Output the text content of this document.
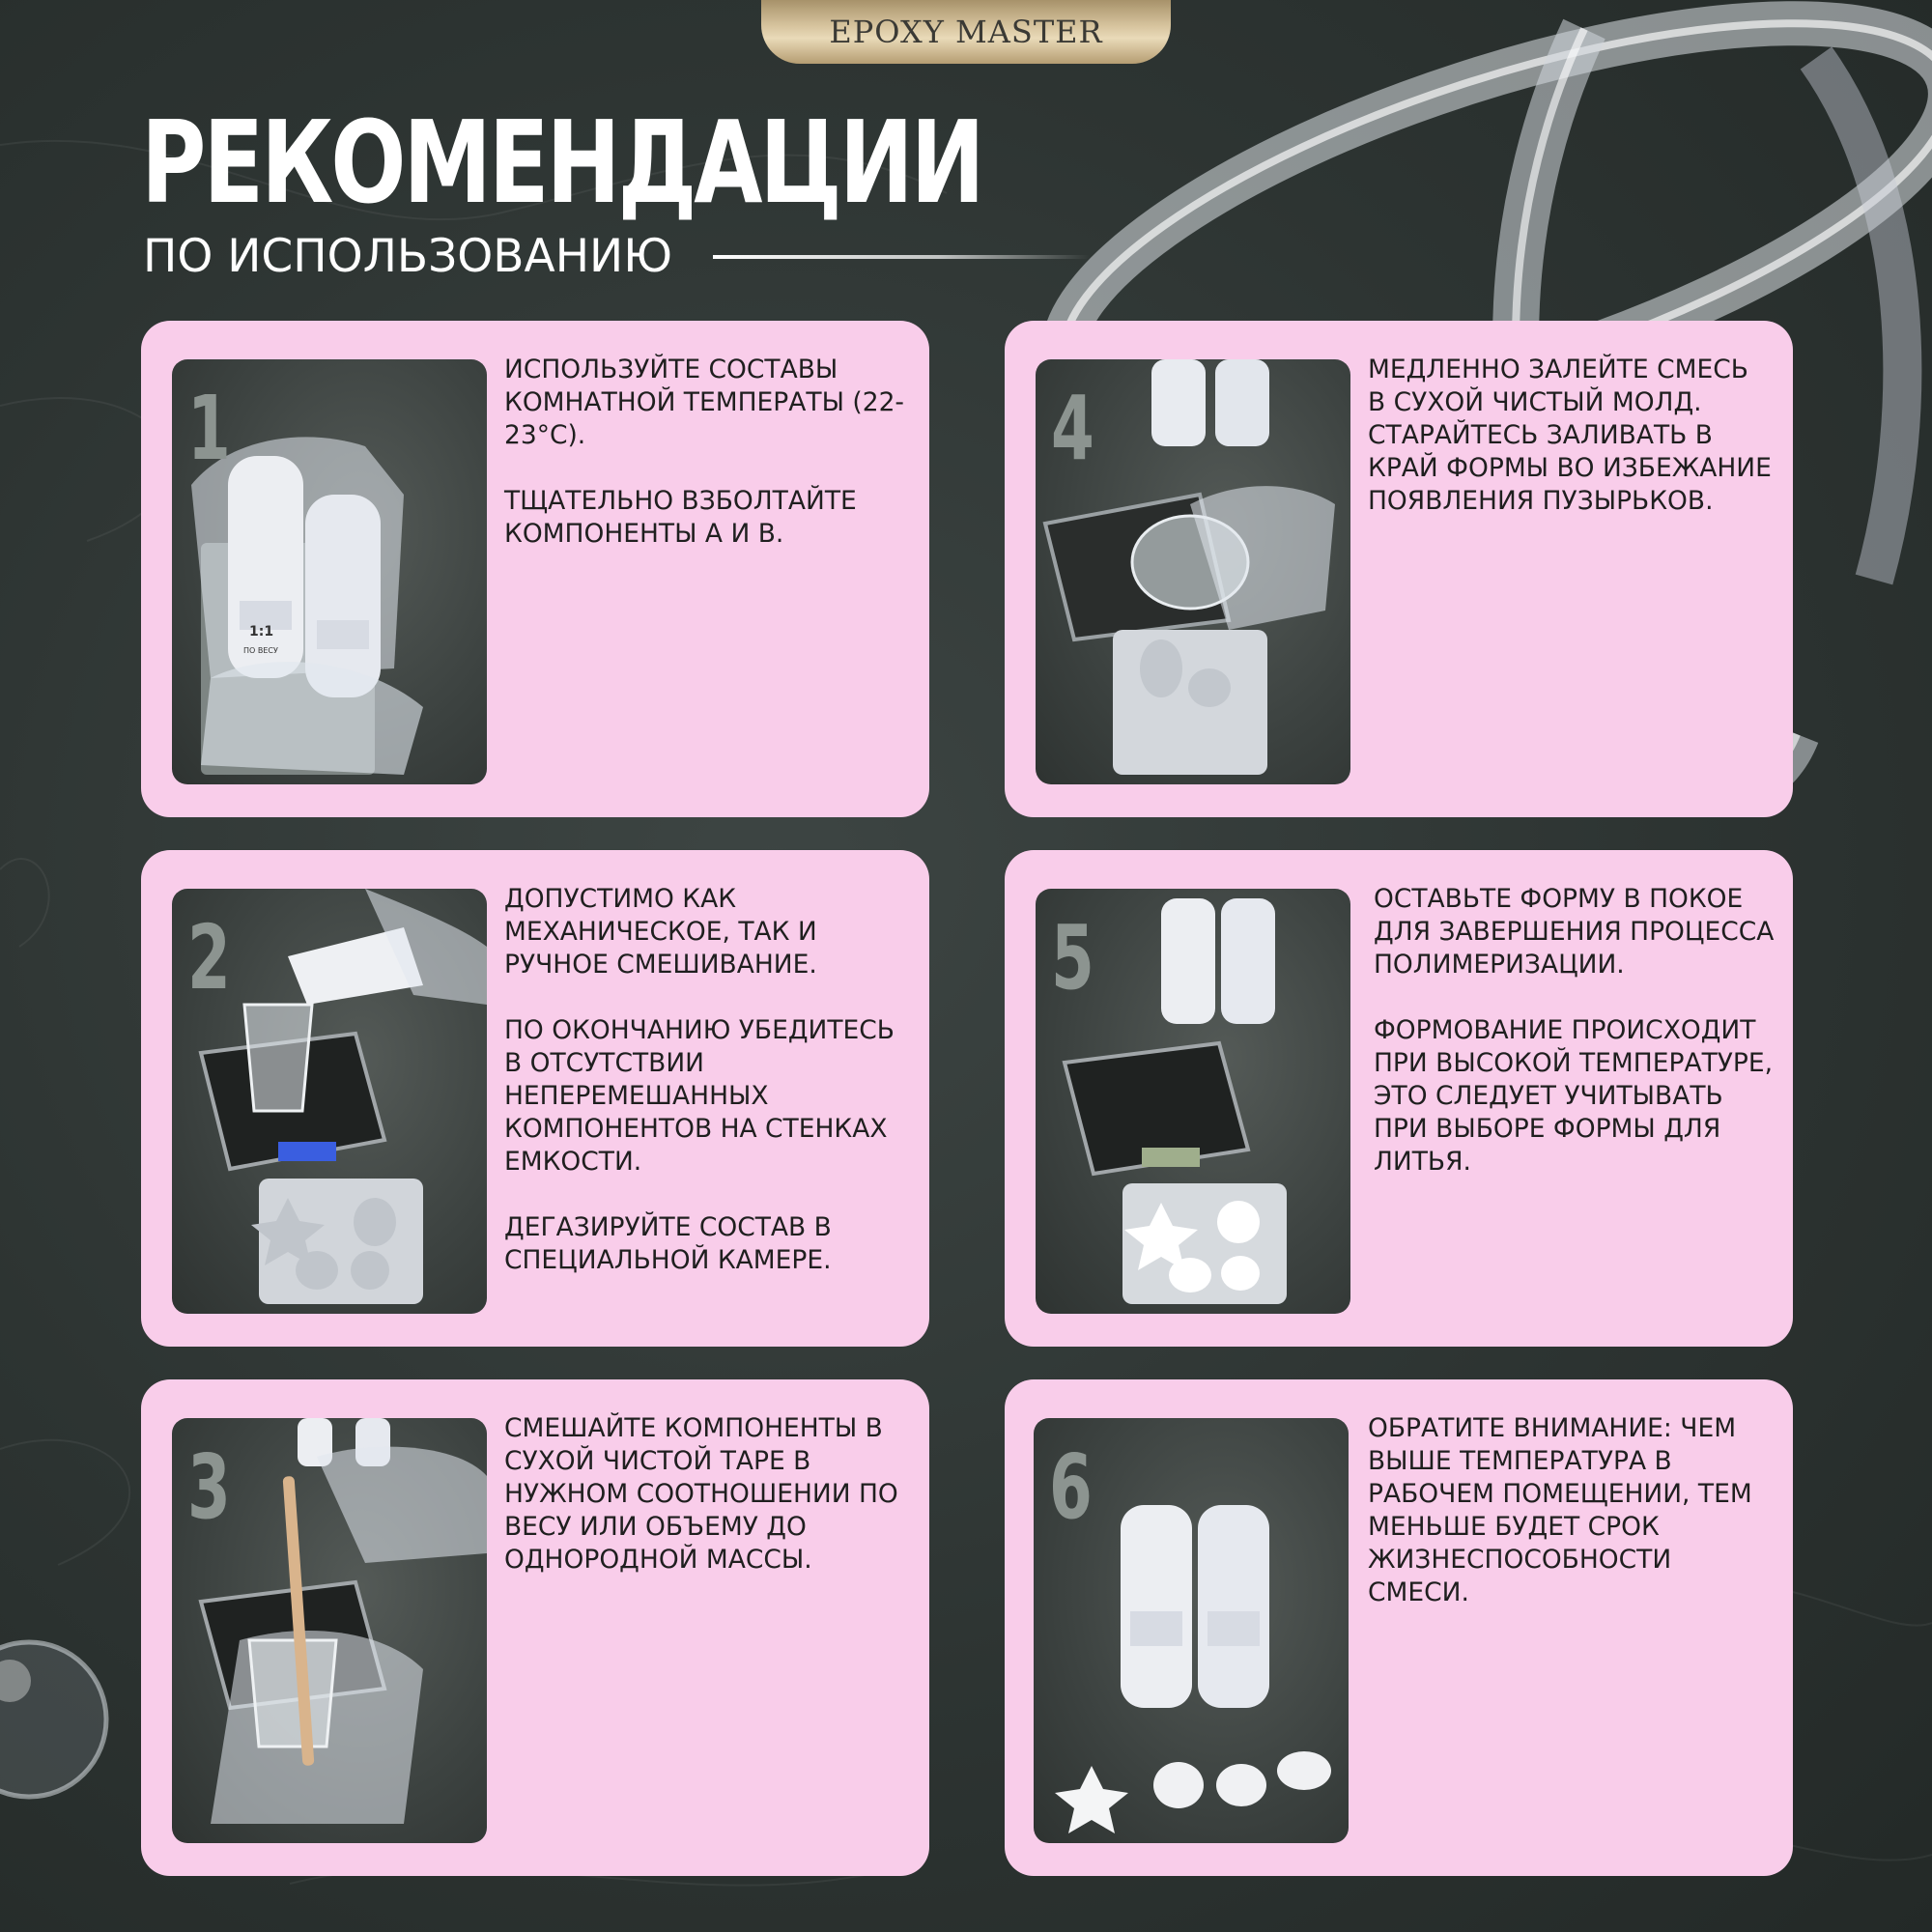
EPOXY MASTER
РЕКОМЕНДАЦИИ
ПО ИСПОЛЬЗОВАНИЮ
1:1
ПО ВЕСУ
1

ИСПОЛЬЗУЙТЕ СОСТАВЫ КОМНАТНОЙ ТЕМПЕРАТЫ (22-23°C).

ТЩАТЕЛЬНО ВЗБОЛТАЙТЕ КОМПОНЕНТЫ А И В.

4

МЕДЛЕННО ЗАЛЕЙТЕ СМЕСЬ В СУХОЙ ЧИСТЫЙ МОЛД. СТАРАЙТЕСЬ ЗАЛИВАТЬ В КРАЙ ФОРМЫ ВО ИЗБЕЖАНИЕ ПОЯВЛЕНИЯ ПУЗЫРЬКОВ.

2

ДОПУСТИМО КАК МЕХАНИЧЕСКОЕ, ТАК И РУЧНОЕ СМЕШИВАНИЕ.

ПО ОКОНЧАНИЮ УБЕДИТЕСЬ В ОТСУТСТВИИ НЕПЕРЕМЕШАННЫХ КОМПОНЕНТОВ НА СТЕНКАХ ЕМКОСТИ.

ДЕГАЗИРУЙТЕ СОСТАВ В СПЕЦИАЛЬНОЙ КАМЕРЕ.

5

ОСТАВЬТЕ ФОРМУ В ПОКОЕ ДЛЯ ЗАВЕРШЕНИЯ ПРОЦЕССА ПОЛИМЕРИЗАЦИИ.

ФОРМОВАНИЕ ПРОИСХОДИТ ПРИ ВЫСОКОЙ ТЕМПЕРАТУРЕ, ЭТО СЛЕДУЕТ УЧИТЫВАТЬ ПРИ ВЫБОРЕ ФОРМЫ ДЛЯ ЛИТЬЯ.

3

СМЕШАЙТЕ КОМПОНЕНТЫ В СУХОЙ ЧИСТОЙ ТАРЕ В НУЖНОМ СООТНОШЕНИИ ПО ВЕСУ ИЛИ ОБЪЕМУ ДО ОДНОРОДНОЙ МАССЫ.

6

ОБРАТИТЕ ВНИМАНИЕ: ЧЕМ ВЫШЕ ТЕМПЕРАТУРА В РАБОЧЕМ ПОМЕЩЕНИИ, ТЕМ МЕНЬШЕ БУДЕТ СРОК ЖИЗНЕСПОСОБНОСТИ СМЕСИ.
